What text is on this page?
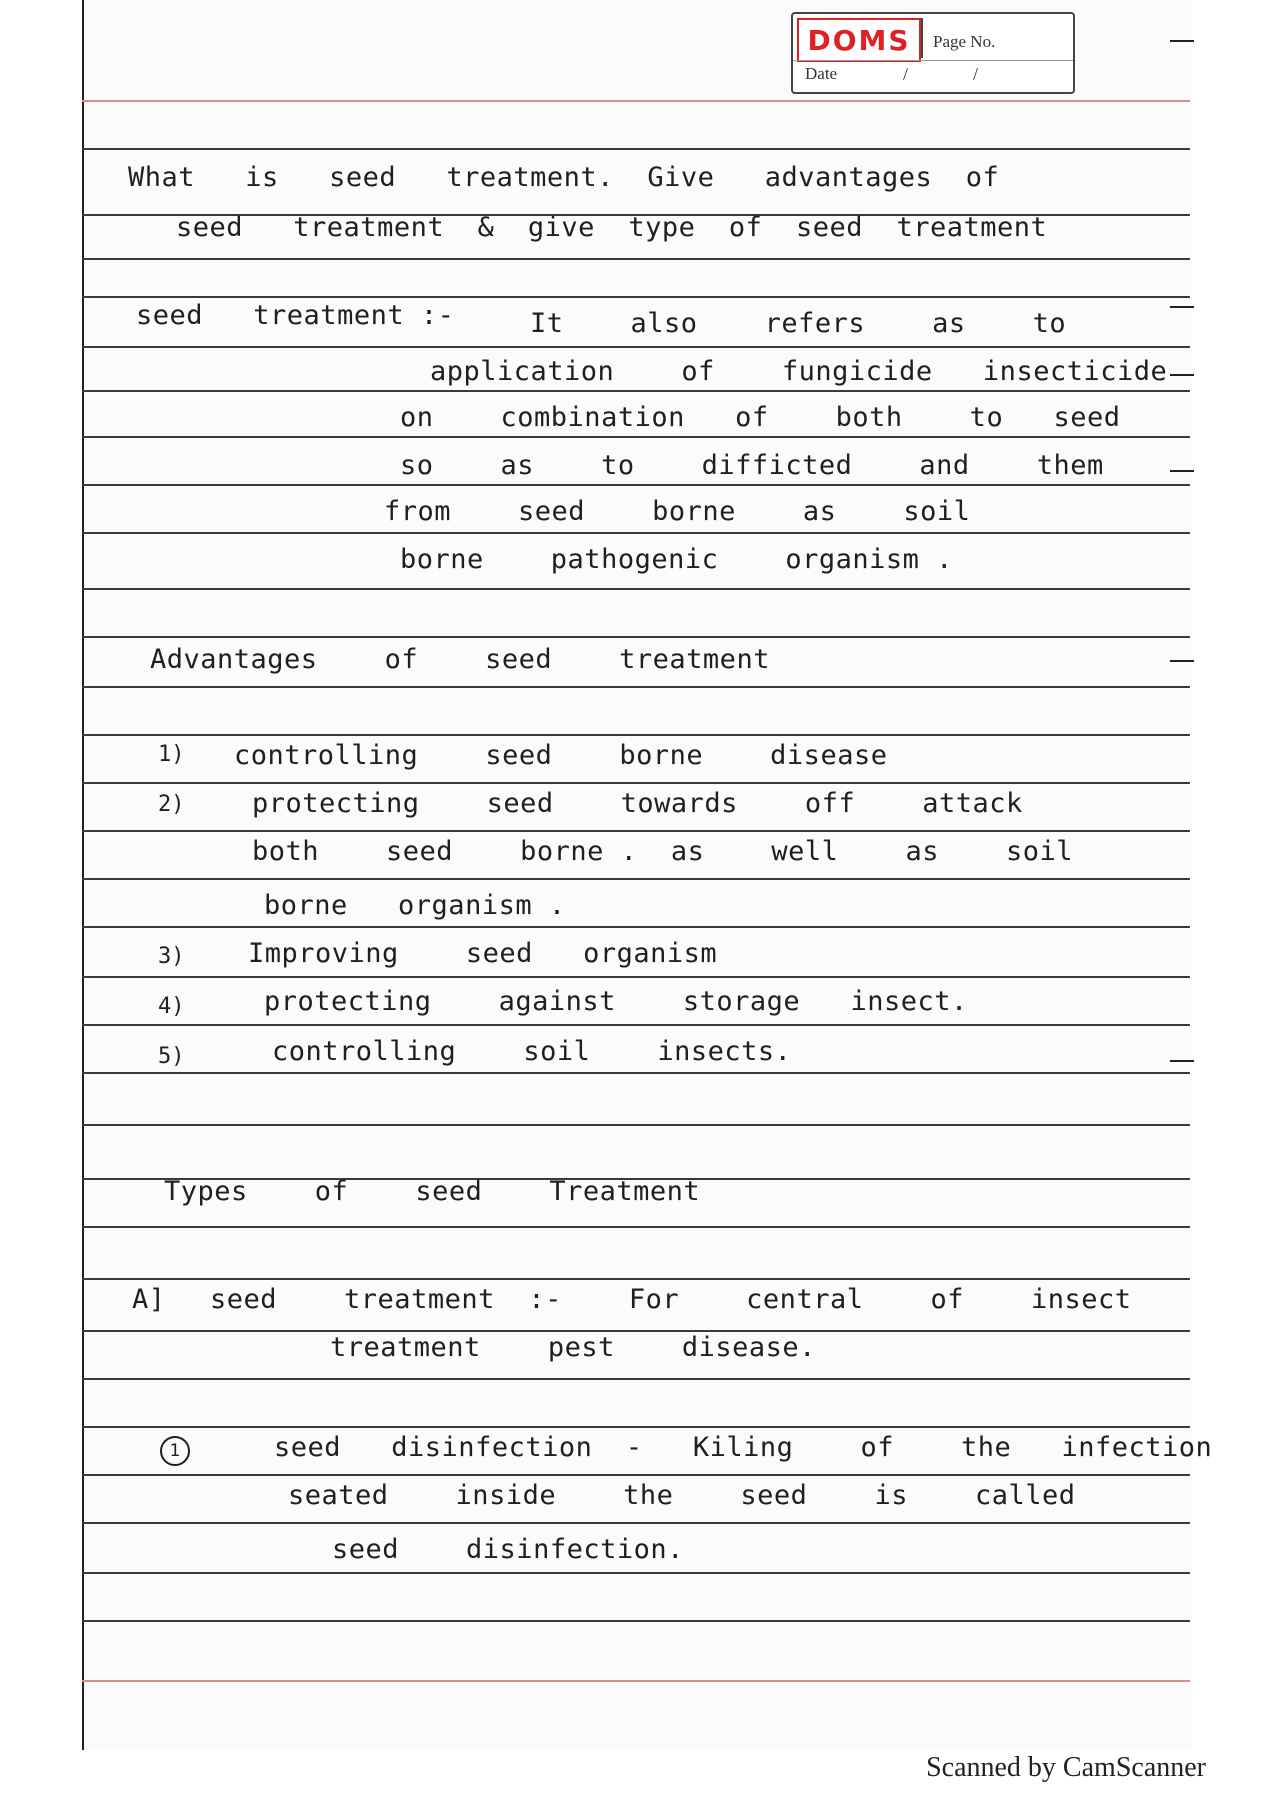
DOMS	Page No.
Date	/	/
What   is   seed   treatment.  Give   advantages  of
seed   treatment  &  give  type  of  seed  treatment
seed   treatment :-	It    also    refers    as    to
application    of    fungicide   insecticide
on    combination   of    both    to   seed
so    as    to    difficted    and    them
from    seed    borne    as    soil
borne    pathogenic    organism .
Advantages    of    seed    treatment
1) controlling    seed    borne    disease
2)	protecting    seed    towards    off    attack
both    seed    borne .  as    well    as    soil
borne   organism .
3) Improving    seed   organism
4)	protecting    against    storage   insect.
5)	controlling    soil    insects.
Types    of    seed    Treatment
A] seed    treatment  :-    For    central    of    insect
treatment    pest    disease.
1	seed   disinfection  -   Kiling    of    the   infection
seated    inside    the    seed    is    called
seed    disinfection.
Scanned by CamScanner
